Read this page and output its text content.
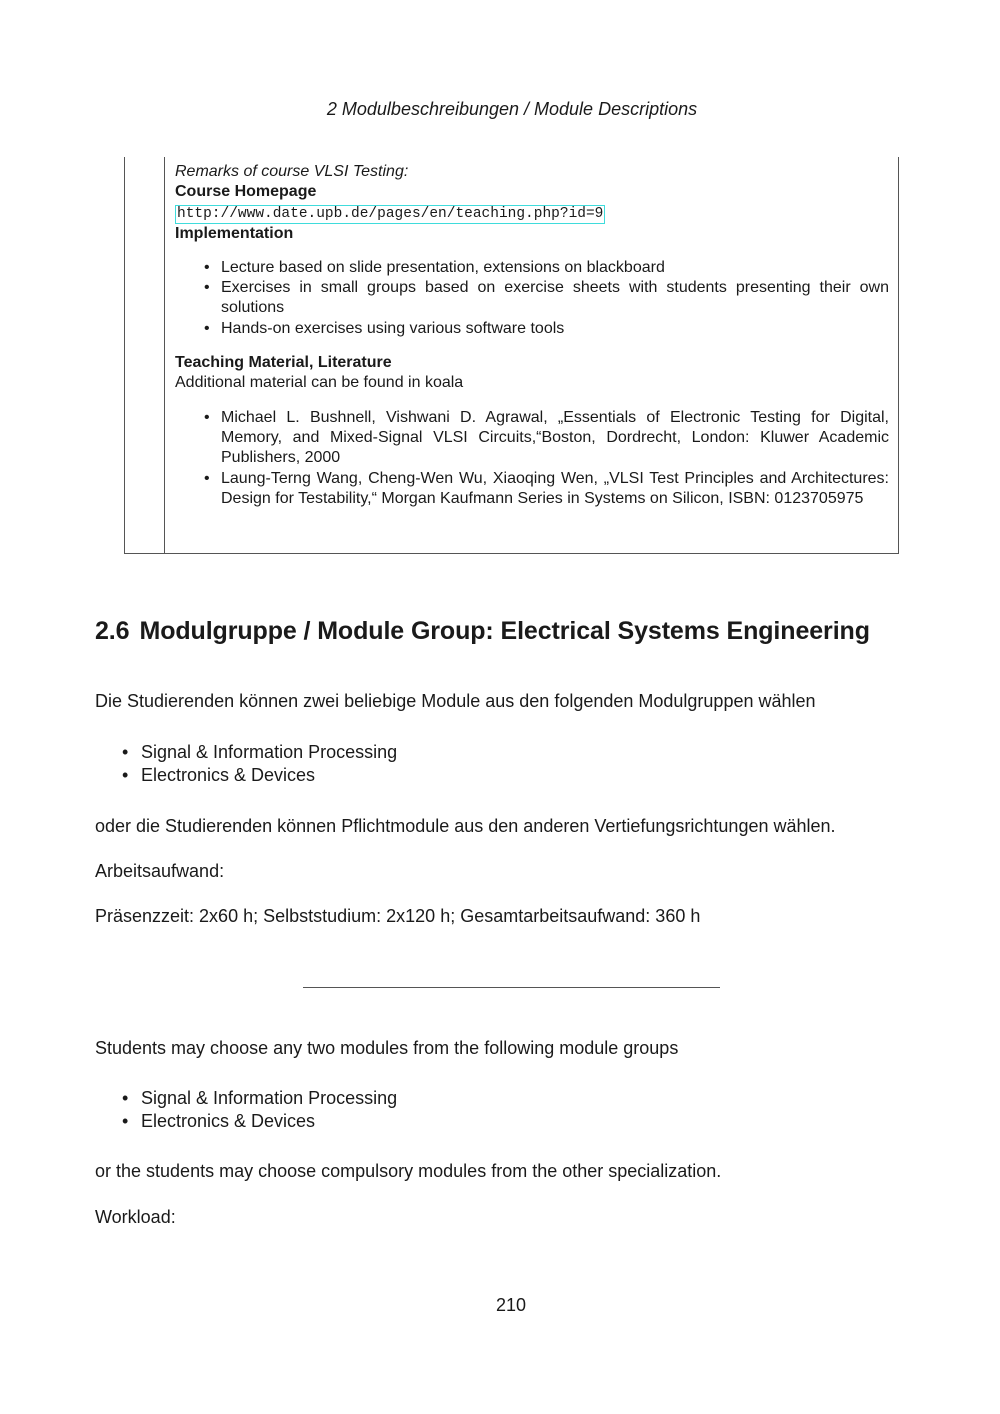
2 Modulbeschreibungen / Module Descriptions
Remarks of course VLSI Testing:
Course Homepage
http://www.date.upb.de/pages/en/teaching.php?id=9
Implementation
• Lecture based on slide presentation, extensions on blackboard
• Exercises in small groups based on exercise sheets with students presenting their own solutions
• Hands-on exercises using various software tools
Teaching Material, Literature
Additional material can be found in koala
• Michael L. Bushnell, Vishwani D. Agrawal, „Essentials of Electronic Testing for Digital, Memory, and Mixed-Signal VLSI Circuits,“Boston, Dordrecht, London: Kluwer Academic Publishers, 2000
• Laung-Terng Wang, Cheng-Wen Wu, Xiaoqing Wen, „VLSI Test Principles and Architectures: Design for Testability,“ Morgan Kaufmann Series in Systems on Silicon, ISBN: 0123705975
2.6 Modulgruppe / Module Group: Electrical Systems Engineering
Die Studierenden können zwei beliebige Module aus den folgenden Modulgruppen wählen
• Signal & Information Processing
• Electronics & Devices
oder die Studierenden können Pflichtmodule aus den anderen Vertiefungsrichtungen wählen.
Arbeitsaufwand:
Präsenzzeit: 2x60 h; Selbststudium: 2x120 h; Gesamtarbeitsaufwand: 360 h
Students may choose any two modules from the following module groups
• Signal & Information Processing
• Electronics & Devices
or the students may choose compulsory modules from the other specialization.
Workload:
210
